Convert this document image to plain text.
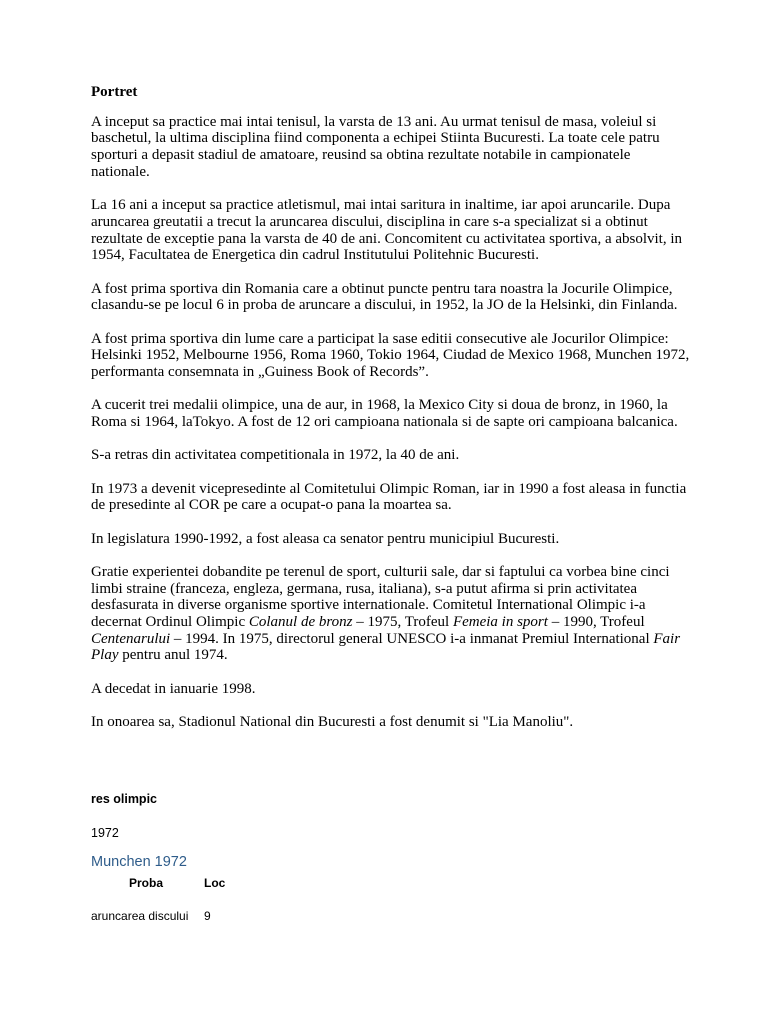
Portret

A inceput sa practice mai intai tenisul, la varsta de 13 ani. Au urmat tenisul de masa, voleiul si baschetul, la ultima disciplina fiind componenta a echipei Stiinta Bucuresti. La toate cele patru sporturi a depasit stadiul de amatoare, reusind sa obtina rezultate notabile in campionatele nationale.

La 16 ani a inceput sa practice atletismul, mai intai saritura in inaltime, iar apoi aruncarile. Dupa aruncarea greutatii a trecut la aruncarea discului, disciplina in care s-a specializat si a obtinut rezultate de exceptie pana la varsta de 40 de ani. Concomitent cu activitatea sportiva, a absolvit, in 1954, Facultatea de Energetica din cadrul Institutului Politehnic Bucuresti.

A fost prima sportiva din Romania care a obtinut puncte pentru tara noastra la Jocurile Olimpice, clasandu-se pe locul 6 in proba de aruncare a discului, in 1952, la JO de la Helsinki, din Finlanda.

A fost prima sportiva din lume care a participat la sase editii consecutive ale Jocurilor Olimpice: Helsinki 1952, Melbourne 1956, Roma 1960, Tokio 1964, Ciudad de Mexico 1968, Munchen 1972, performanta consemnata in „Guiness Book of Records”.

A cucerit trei medalii olimpice, una de aur, in 1968, la Mexico City si doua de bronz, in 1960, la Roma si 1964, laTokyo. A fost de 12 ori campioana nationala si de sapte ori campioana balcanica.

S-a retras din activitatea competitionala in 1972, la 40 de ani.

In 1973 a devenit vicepresedinte al Comitetului Olimpic Roman, iar in 1990 a fost aleasa in functia de presedinte al COR pe care a ocupat-o pana la moartea sa.

In legislatura 1990-1992, a fost aleasa ca senator pentru municipiul Bucuresti.

Gratie experientei dobandite pe terenul de sport, culturii sale, dar si faptului ca vorbea bine cinci limbi straine (franceza, engleza, germana, rusa, italiana), s-a putut afirma si prin activitatea desfasurata in diverse organisme sportive internationale. Comitetul International Olimpic i-a decernat Ordinul Olimpic Colanul de bronz – 1975, Trofeul Femeia in sport – 1990, Trofeul Centenarului – 1994. In 1975, directorul general UNESCO i-a inmanat Premiul International Fair Play pentru anul 1974.

A decedat in ianuarie 1998.

In onoarea sa, Stadionul National din Bucuresti a fost denumit si "Lia Manoliu".

res olimpic

1972

Munchen 1972

Proba	Loc
aruncarea discului	9
